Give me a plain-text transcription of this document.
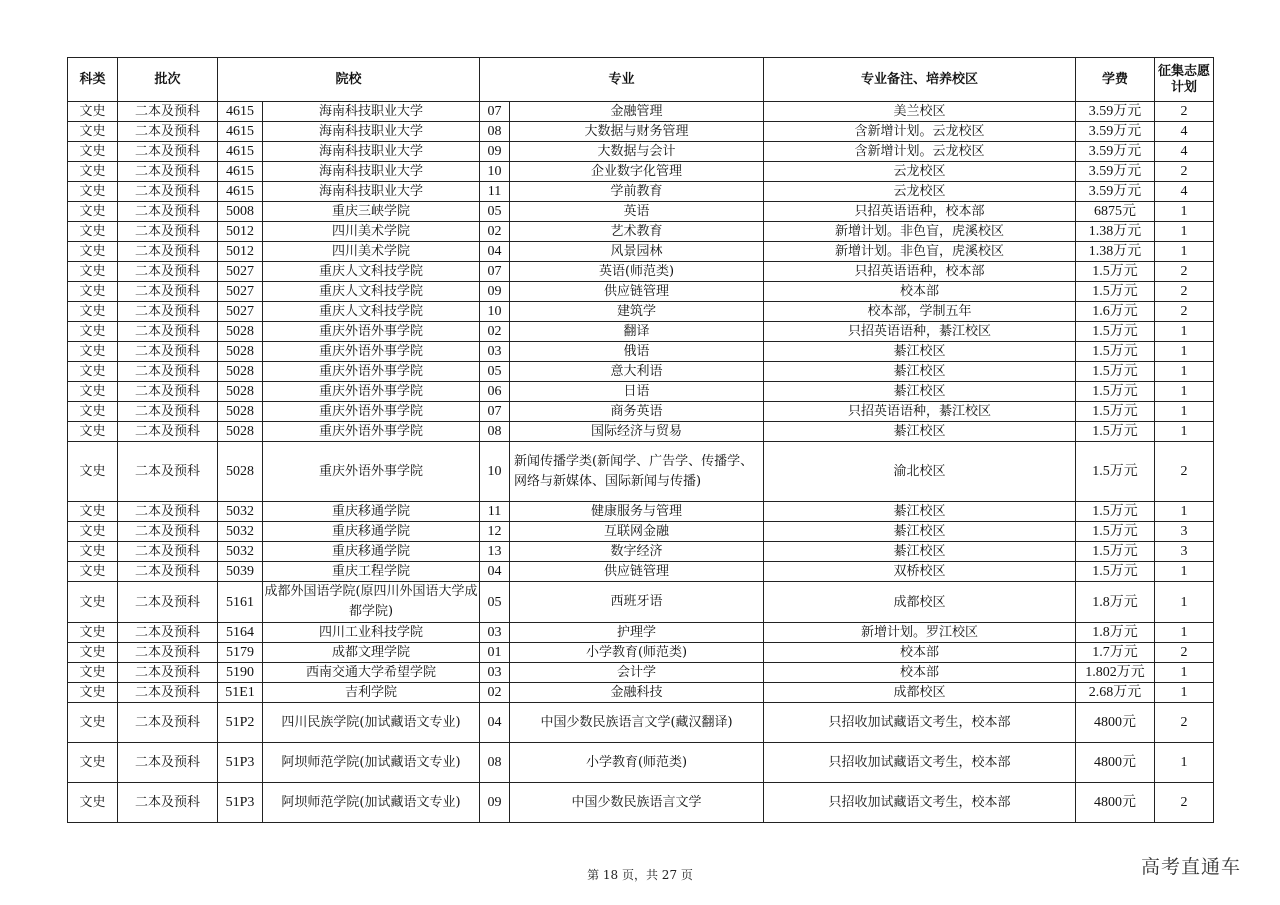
科类	批次	院校		专业		专业备注、培养校区	学费	征集志愿计划
文史	二本及预科	4615	海南科技职业大学	07	金融管理	美兰校区	3.59万元	2
文史	二本及预科	4615	海南科技职业大学	08	大数据与财务管理	含新增计划。云龙校区	3.59万元	4
文史	二本及预科	4615	海南科技职业大学	09	大数据与会计	含新增计划。云龙校区	3.59万元	4
文史	二本及预科	4615	海南科技职业大学	10	企业数字化管理	云龙校区	3.59万元	2
文史	二本及预科	4615	海南科技职业大学	11	学前教育	云龙校区	3.59万元	4
文史	二本及预科	5008	重庆三峡学院	05	英语	只招英语语种，校本部	6875元	1
文史	二本及预科	5012	四川美术学院	02	艺术教育	新增计划。非色盲，虎溪校区	1.38万元	1
文史	二本及预科	5012	四川美术学院	04	风景园林	新增计划。非色盲，虎溪校区	1.38万元	1
文史	二本及预科	5027	重庆人文科技学院	07	英语(师范类)	只招英语语种，校本部	1.5万元	2
文史	二本及预科	5027	重庆人文科技学院	09	供应链管理	校本部	1.5万元	2
文史	二本及预科	5027	重庆人文科技学院	10	建筑学	校本部，学制五年	1.6万元	2
文史	二本及预科	5028	重庆外语外事学院	02	翻译	只招英语语种，綦江校区	1.5万元	1
文史	二本及预科	5028	重庆外语外事学院	03	俄语	綦江校区	1.5万元	1
文史	二本及预科	5028	重庆外语外事学院	05	意大利语	綦江校区	1.5万元	1
文史	二本及预科	5028	重庆外语外事学院	06	日语	綦江校区	1.5万元	1
文史	二本及预科	5028	重庆外语外事学院	07	商务英语	只招英语语种，綦江校区	1.5万元	1
文史	二本及预科	5028	重庆外语外事学院	08	国际经济与贸易	綦江校区	1.5万元	1
文史	二本及预科	5028	重庆外语外事学院	10	新闻传播学类(新闻学、广告学、传播学、网络与新媒体、国际新闻与传播)	渝北校区	1.5万元	2
文史	二本及预科	5032	重庆移通学院	11	健康服务与管理	綦江校区	1.5万元	1
文史	二本及预科	5032	重庆移通学院	12	互联网金融	綦江校区	1.5万元	3
文史	二本及预科	5032	重庆移通学院	13	数字经济	綦江校区	1.5万元	3
文史	二本及预科	5039	重庆工程学院	04	供应链管理	双桥校区	1.5万元	1
文史	二本及预科	5161	成都外国语学院(原四川外国语大学成都学院)	05	西班牙语	成都校区	1.8万元	1
文史	二本及预科	5164	四川工业科技学院	03	护理学	新增计划。罗江校区	1.8万元	1
文史	二本及预科	5179	成都文理学院	01	小学教育(师范类)	校本部	1.7万元	2
文史	二本及预科	5190	西南交通大学希望学院	03	会计学	校本部	1.802万元	1
文史	二本及预科	51E1	吉利学院	02	金融科技	成都校区	2.68万元	1
文史	二本及预科	51P2	四川民族学院(加试藏语文专业)	04	中国少数民族语言文学(藏汉翻译)	只招收加试藏语文考生，校本部	4800元	2
文史	二本及预科	51P3	阿坝师范学院(加试藏语文专业)	08	小学教育(师范类)	只招收加试藏语文考生，校本部	4800元	1
文史	二本及预科	51P3	阿坝师范学院(加试藏语文专业)	09	中国少数民族语言文学	只招收加试藏语文考生，校本部	4800元	2
第 18 页，共 27 页	高考直通车
